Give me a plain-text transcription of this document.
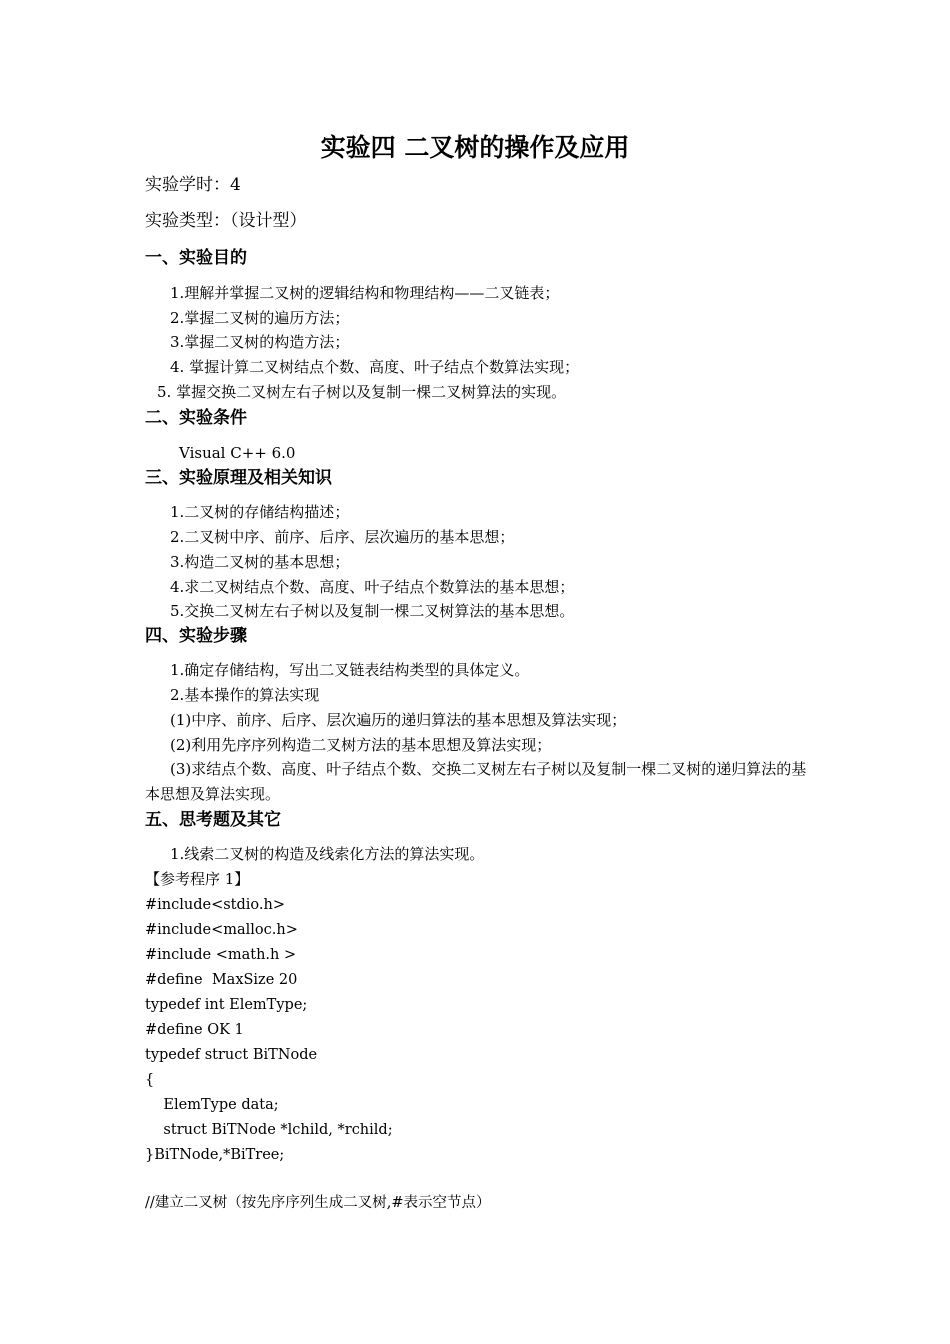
实验四 二叉树的操作及应用
实验学时：4
实验类型：（设计型）
一、实验目的
1.理解并掌握二叉树的逻辑结构和物理结构——二叉链表；
2.掌握二叉树的遍历方法；
3.掌握二叉树的构造方法；
4. 掌握计算二叉树结点个数、高度、叶子结点个数算法实现；
5. 掌握交换二叉树左右子树以及复制一棵二叉树算法的实现。
二、实验条件
Visual C++ 6.0
三、实验原理及相关知识
1.二叉树的存储结构描述；
2.二叉树中序、前序、后序、层次遍历的基本思想；
3.构造二叉树的基本思想；
4.求二叉树结点个数、高度、叶子结点个数算法的基本思想；
5.交换二叉树左右子树以及复制一棵二叉树算法的基本思想。
四、实验步骤
1.确定存储结构，写出二叉链表结构类型的具体定义。
2.基本操作的算法实现
(1)中序、前序、后序、层次遍历的递归算法的基本思想及算法实现；
(2)利用先序序列构造二叉树方法的基本思想及算法实现；
(3)求结点个数、高度、叶子结点个数、交换二叉树左右子树以及复制一棵二叉树的递归算法的基本思想及算法实现。
五、思考题及其它
1.线索二叉树的构造及线索化方法的算法实现。
【参考程序 1】
#include<stdio.h>
#include<malloc.h>
#include <math.h >
#define  MaxSize 20
typedef int ElemType;
#define OK 1
typedef struct BiTNode
{
ElemType data;
struct BiTNode *lchild, *rchild;
}BiTNode,*BiTree;
//建立二叉树（按先序序列生成二叉树,#表示空节点）
